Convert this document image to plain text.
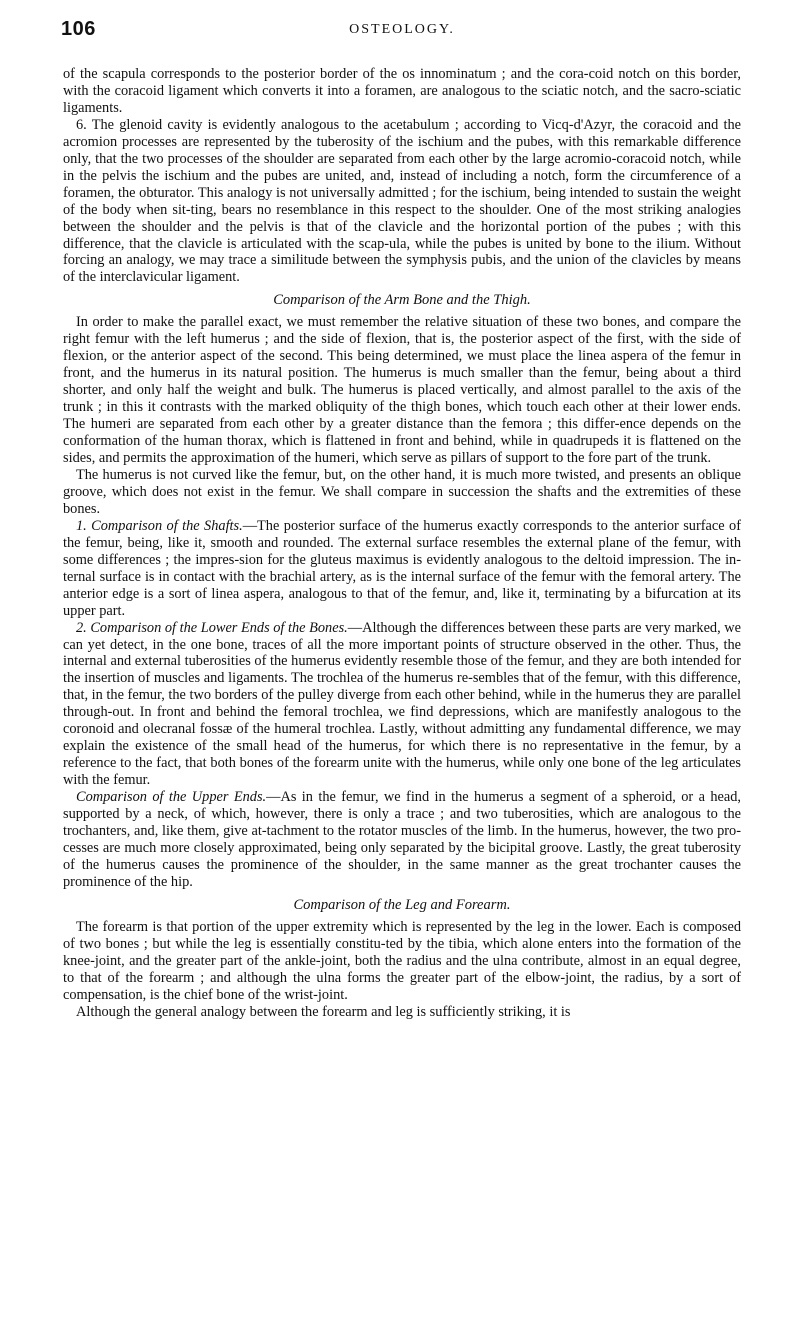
106	OSTEOLOGY.

of the scapula corresponds to the posterior border of the os innominatum ; and the cora-coid notch on this border, with the coracoid ligament which converts it into a foramen, are analogous to the sciatic notch, and the sacro-sciatic ligaments.

6. The glenoid cavity is evidently analogous to the acetabulum ; according to Vicq-d'Azyr, the coracoid and the acromion processes are represented by the tuberosity of the ischium and the pubes, with this remarkable difference only, that the two processes of the shoulder are separated from each other by the large acromio-coracoid notch, while in the pelvis the ischium and the pubes are united, and, instead of including a notch, form the circumference of a foramen, the obturator. This analogy is not universally admitted ; for the ischium, being intended to sustain the weight of the body when sit-ting, bears no resemblance in this respect to the shoulder. One of the most striking analogies between the shoulder and the pelvis is that of the clavicle and the horizontal portion of the pubes ; with this difference, that the clavicle is articulated with the scap-ula, while the pubes is united by bone to the ilium. Without forcing an analogy, we may trace a similitude between the symphysis pubis, and the union of the clavicles by means of the interclavicular ligament.

Comparison of the Arm Bone and the Thigh.

In order to make the parallel exact, we must remember the relative situation of these two bones, and compare the right femur with the left humerus ; and the side of flexion, that is, the posterior aspect of the first, with the side of flexion, or the anterior aspect of the second. This being determined, we must place the linea aspera of the femur in front, and the humerus in its natural position. The humerus is much smaller than the femur, being about a third shorter, and only half the weight and bulk. The humerus is placed vertically, and almost parallel to the axis of the trunk ; in this it contrasts with the marked obliquity of the thigh bones, which touch each other at their lower ends. The humeri are separated from each other by a greater distance than the femora ; this differ-ence depends on the conformation of the human thorax, which is flattened in front and behind, while in quadrupeds it is flattened on the sides, and permits the approximation of the humeri, which serve as pillars of support to the fore part of the trunk.

The humerus is not curved like the femur, but, on the other hand, it is much more twisted, and presents an oblique groove, which does not exist in the femur. We shall compare in succession the shafts and the extremities of these bones.

1. Comparison of the Shafts.—The posterior surface of the humerus exactly corresponds to the anterior surface of the femur, being, like it, smooth and rounded. The external surface resembles the external plane of the femur, with some differences ; the impres-sion for the gluteus maximus is evidently analogous to the deltoid impression. The in-ternal surface is in contact with the brachial artery, as is the internal surface of the femur with the femoral artery. The anterior edge is a sort of linea aspera, analogous to that of the femur, and, like it, terminating by a bifurcation at its upper part.

2. Comparison of the Lower Ends of the Bones.—Although the differences between these parts are very marked, we can yet detect, in the one bone, traces of all the more important points of structure observed in the other. Thus, the internal and external tuberosities of the humerus evidently resemble those of the femur, and they are both intended for the insertion of muscles and ligaments. The trochlea of the humerus re-sembles that of the femur, with this difference, that, in the femur, the two borders of the pulley diverge from each other behind, while in the humerus they are parallel through-out. In front and behind the femoral trochlea, we find depressions, which are manifestly analogous to the coronoid and olecranal fossæ of the humeral trochlea. Lastly, without admitting any fundamental difference, we may explain the existence of the small head of the humerus, for which there is no representative in the femur, by a reference to the fact, that both bones of the forearm unite with the humerus, while only one bone of the leg articulates with the femur.

Comparison of the Upper Ends.—As in the femur, we find in the humerus a segment of a spheroid, or a head, supported by a neck, of which, however, there is only a trace ; and two tuberosities, which are analogous to the trochanters, and, like them, give at-tachment to the rotator muscles of the limb. In the humerus, however, the two pro-cesses are much more closely approximated, being only separated by the bicipital groove. Lastly, the great tuberosity of the humerus causes the prominence of the shoulder, in the same manner as the great trochanter causes the prominence of the hip.

Comparison of the Leg and Forearm.

The forearm is that portion of the upper extremity which is represented by the leg in the lower. Each is composed of two bones ; but while the leg is essentially constitu-ted by the tibia, which alone enters into the formation of the knee-joint, and the greater part of the ankle-joint, both the radius and the ulna contribute, almost in an equal degree, to that of the forearm ; and although the ulna forms the greater part of the elbow-joint, the radius, by a sort of compensation, is the chief bone of the wrist-joint.

Although the general analogy between the forearm and leg is sufficiently striking, it is
